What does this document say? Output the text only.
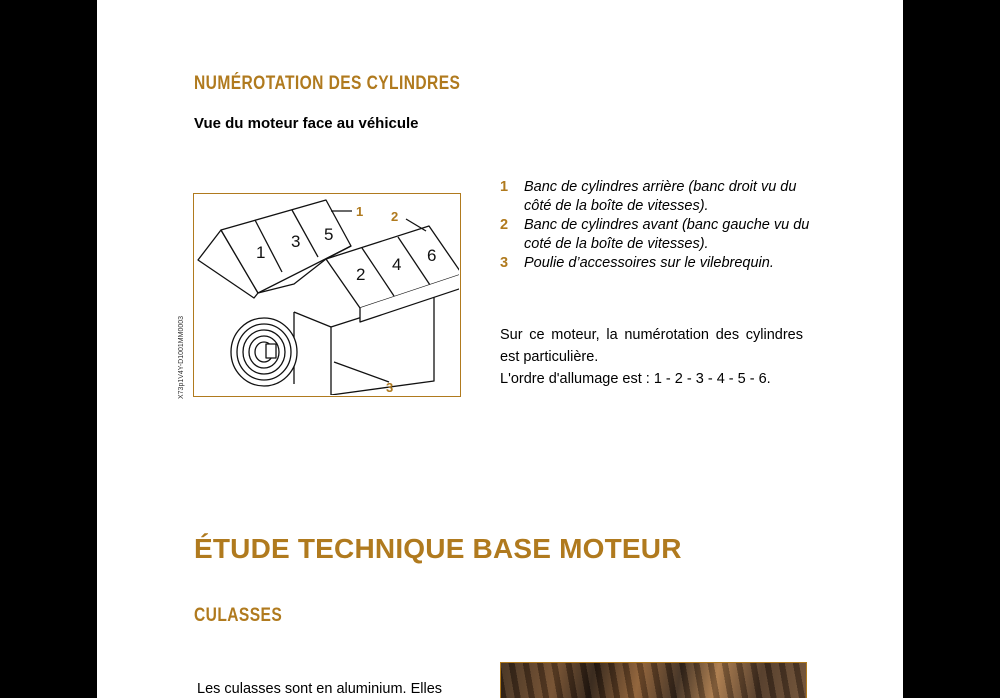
NUMÉROTATION DES CYLINDRES
Vue du moteur face au véhicule
X73p1V4Y-D1001MM0003
1
3 5
2
4 6
1 2
3
1 Banc de cylindres arrière (banc droit vu du côté de la boîte de vitesses).
2 Banc de cylindres avant (banc gauche vu du coté de la boîte de vitesses).
3 Poulie d’accessoires sur le vilebrequin.

Sur ce moteur, la numérotation des cylindres est particulière.

L'ordre d'allumage est : 1 - 2 - 3 - 4 - 5 - 6.

ÉTUDE TECHNIQUE BASE MOTEUR
CULASSES
Les culasses sont en aluminium. Elles
